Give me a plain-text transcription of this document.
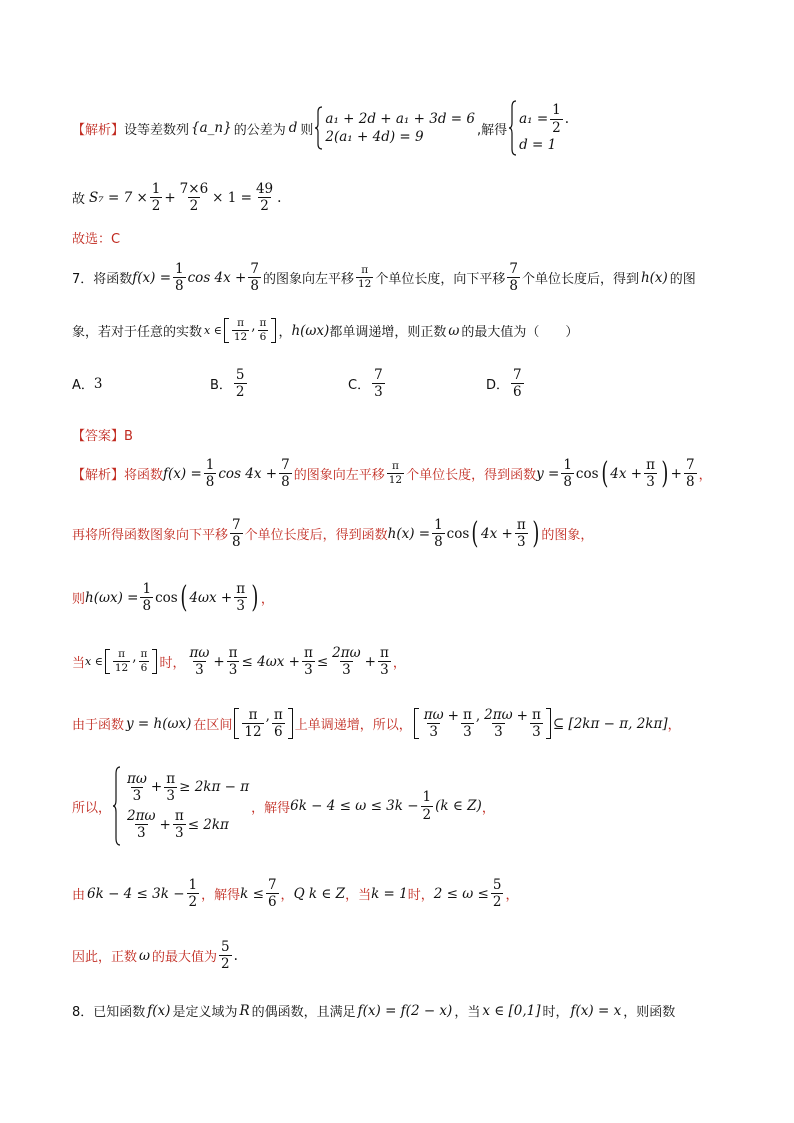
【解析】 设等差数列 {a_n} 的公差为 d 则
a₁ + 2d + a₁ + 3d = 6
2(a₁ + 4d) = 9	,解得
$a_1 = \frac{1}{2}$ .
d = 1
故 $S_7 = 7 \times \frac{1}{2} + \frac{7\times 6}{2} \times 1 = \frac{49}{2}$ .
故选：C
7．将函数 $f(x) = \frac{1}{8}$ $\cos 4x + \frac{7}{8}$ 的图象向左平移 $\frac{\pi}{12}$ 个单位长度，向下平移 $\frac{7}{8}$ 个单位长度后，得到 h(x) 的图
象，若对于任意的实数 x ∈ $\frac{\pi}{12}$ , $\frac{\pi}{6}$ ， h(ωx) 都单调递增，则正数 ω 的最大值为（　　）
A． 3	B． $\frac{5}{2}$	C． $\frac{7}{3}$	D． $\frac{7}{6}$
【答案】B
【解析】 将函数 $f(x) = \frac{1}{8}$ $\cos 4x + \frac{7}{8}$ 的图象向左平移 $\frac{\pi}{12}$ 个单位长度，得到函数 $y = \frac{1}{8}$ cos ( $4x + \frac{\pi}{3}$ ) + $\frac{7}{8}$ ，
再将所得函数图象向下平移 $\frac{7}{8}$ 个单位长度后，得到函数 $h(x) = \frac{1}{8}$ cos ( $4x + \frac{\pi}{3}$ ) 的图象，
则 $h(\omega x) = \frac{1}{8}$ cos ( $4\omega x + \frac{\pi}{3}$ ) ，
当 x ∈ $\frac{\pi}{12}$ , $\frac{\pi}{6}$ 时， $\frac{\pi\omega}{3} + \frac{\pi}{3} \le 4\omega x + \frac{\pi}{3} \le \frac{2\pi\omega}{3} + \frac{\pi}{3}$ ，
由于函数 y = h(ωx) 在区间 $\frac{\pi}{12}$ , $\frac{\pi}{6}$ 上单调递增，所以， $\frac{\pi\omega}{3} + \frac{\pi}{3}$ , $\frac{2\pi\omega}{3} + \frac{\pi}{3}$ ⊆ [2kπ − π, 2kπ] ，
所以，
$\frac{\pi\omega}{3} + \frac{\pi}{3} \ge 2k\pi - \pi$
$\frac{2\pi\omega}{3} + \frac{\pi}{3} \le 2k\pi$
，解得 $6k - 4 \le \omega \le 3k - \frac{1}{2} (k$ ∈ Z) ，
由 $6k - 4 \le 3k - \frac{1}{2}$ ，解得 $k \le \frac{7}{6}$ ， Q k ∈ Z ，当 k = 1 时， $2 \le \omega \le \frac{5}{2}$ ，
因此，正数 ω 的最大值为 $\frac{5}{2}$ .
8．已知函数 f(x) 是定义域为 R 的偶函数，且满足 f(x) = f(2 − x) ，当 x ∈ [0,1] 时， f(x) = x ，则函数
